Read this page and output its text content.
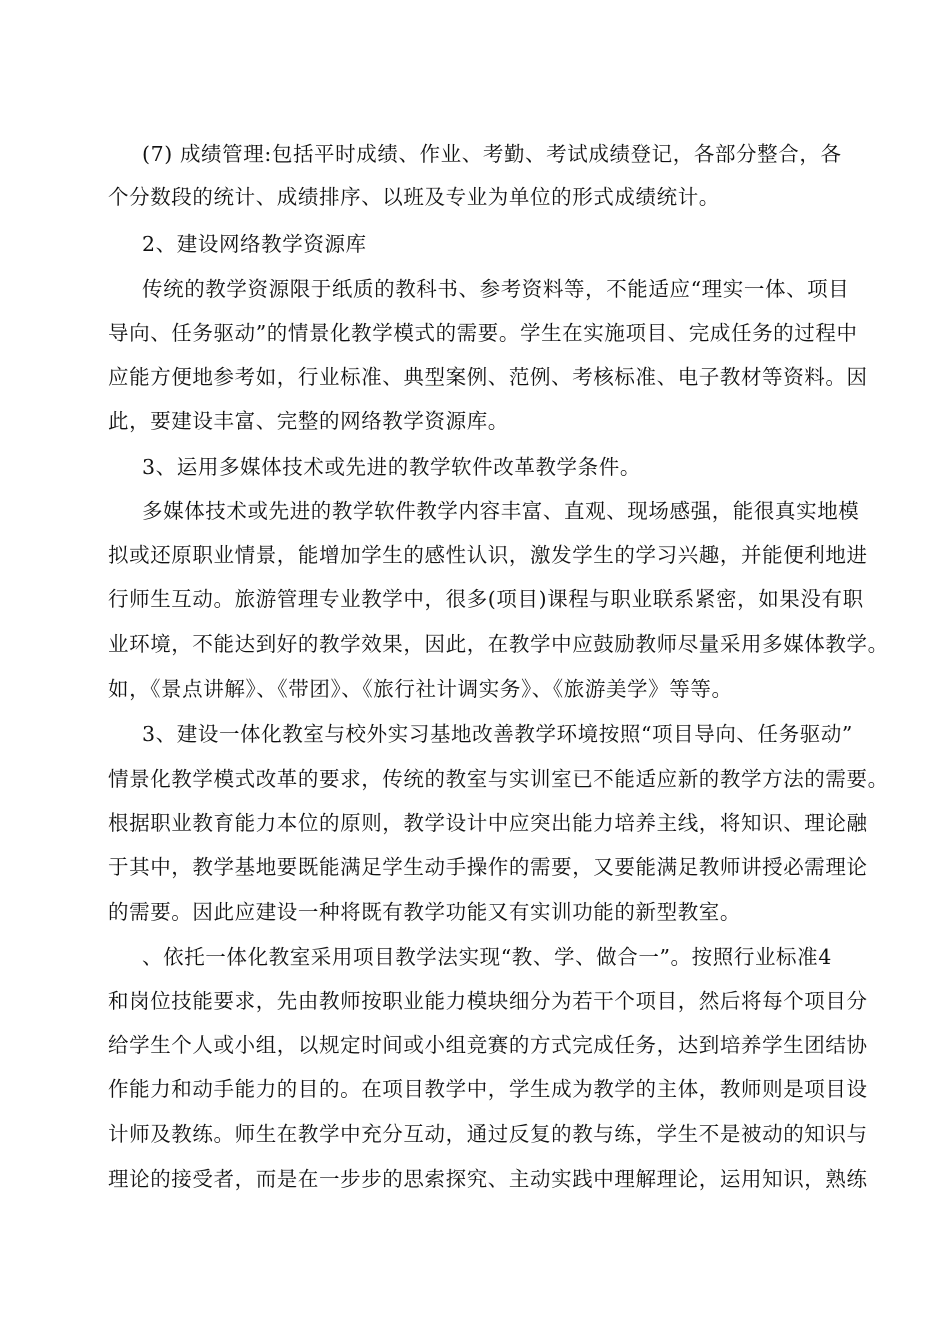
(7) 成绩管理:包括平时成绩、作业、考勤、考试成绩登记，各部分整合，各
个分数段的统计、成绩排序、以班及专业为单位的形式成绩统计。
2、建设网络教学资源库
传统的教学资源限于纸质的教科书、参考资料等，不能适应“理实一体、项目
导向、任务驱动”的情景化教学模式的需要。学生在实施项目、完成任务的过程中
应能方便地参考如，行业标准、典型案例、范例、考核标准、电子教材等资料。因
此，要建设丰富、完整的网络教学资源库。
3、运用多媒体技术或先进的教学软件改革教学条件。
多媒体技术或先进的教学软件教学内容丰富、直观、现场感强，能很真实地模
拟或还原职业情景，能增加学生的感性认识，激发学生的学习兴趣，并能便利地进
行师生互动。旅游管理专业教学中，很多(项目)课程与职业联系紧密，如果没有职
业环境，不能达到好的教学效果，因此，在教学中应鼓励教师尽量采用多媒体教学。
如，《景点讲解》、《带团》、《旅行社计调实务》、《旅游美学》等等。
3、建设一体化教室与校外实习基地改善教学环境按照“项目导向、任务驱动”
情景化教学模式改革的要求，传统的教室与实训室已不能适应新的教学方法的需要。
根据职业教育能力本位的原则，教学设计中应突出能力培养主线，将知识、理论融
于其中，教学基地要既能满足学生动手操作的需要，又要能满足教师讲授必需理论
的需要。因此应建设一种将既有教学功能又有实训功能的新型教室。
、依托一体化教室采用项目教学法实现“教、学、做合一”。按照行业标准4
和岗位技能要求，先由教师按职业能力模块细分为若干个项目，然后将每个项目分
给学生个人或小组，以规定时间或小组竞赛的方式完成任务，达到培养学生团结协
作能力和动手能力的目的。在项目教学中，学生成为教学的主体，教师则是项目设
计师及教练。师生在教学中充分互动，通过反复的教与练，学生不是被动的知识与
理论的接受者，而是在一步步的思索探究、主动实践中理解理论，运用知识，熟练
